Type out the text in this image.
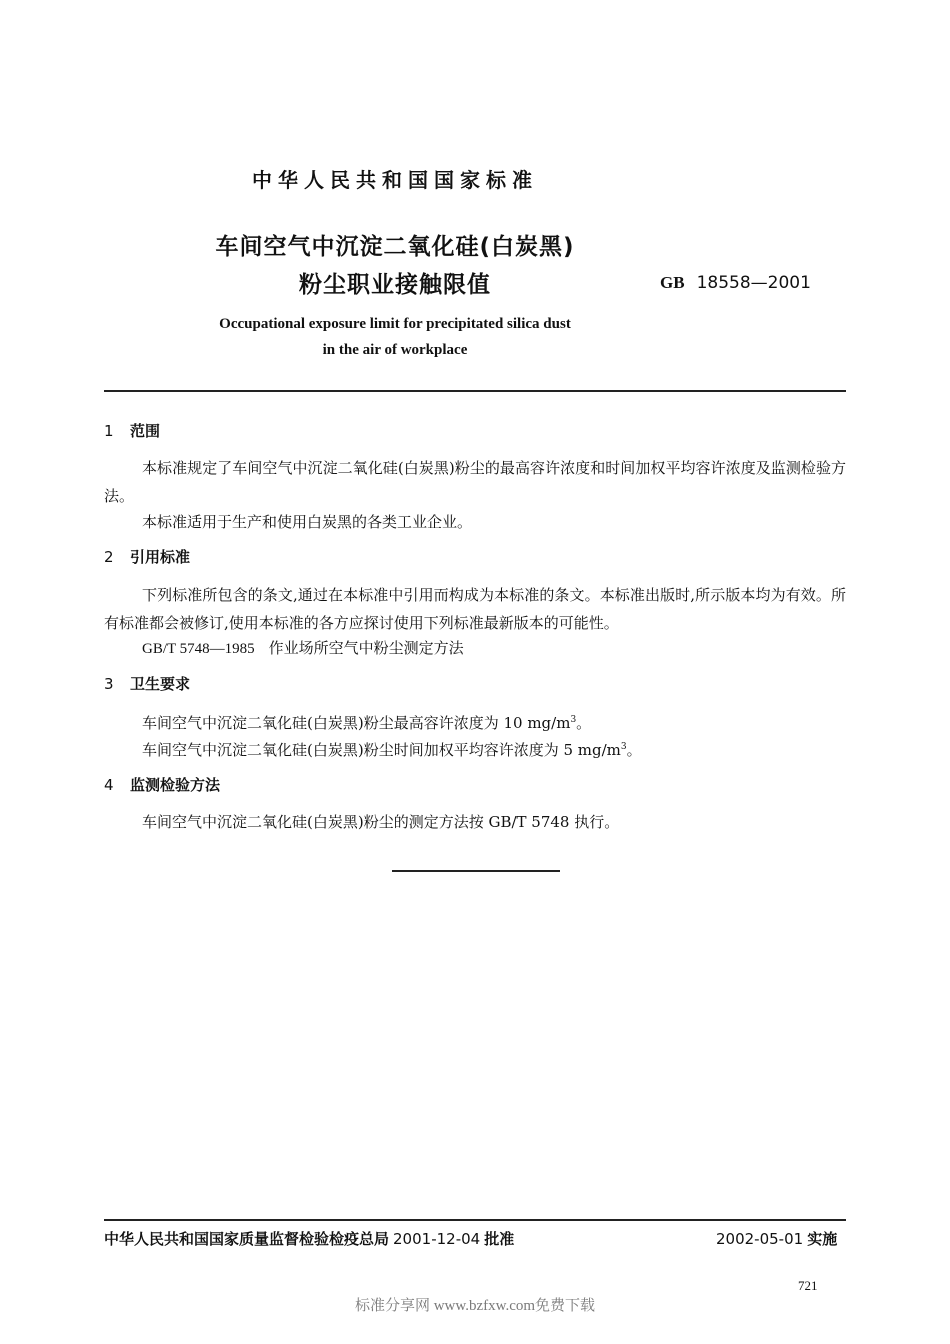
中华人民共和国国家标准
车间空气中沉淀二氧化硅(白炭黑)
粉尘职业接触限值	GB 18558—2001
Occupational exposure limit for precipitated silica dust
in the air of workplace
1 范围
本标准规定了车间空气中沉淀二氧化硅(白炭黑)粉尘的最高容许浓度和时间加权平均容许浓度及监测检验方法。
本标准适用于生产和使用白炭黑的各类工业企业。
2 引用标准
下列标准所包含的条文,通过在本标准中引用而构成为本标准的条文。本标准出版时,所示版本均为有效。所有标准都会被修订,使用本标准的各方应探讨使用下列标准最新版本的可能性。
GB/T 5748—1985 作业场所空气中粉尘测定方法
3 卫生要求
车间空气中沉淀二氧化硅(白炭黑)粉尘最高容许浓度为 10 $mg/m^3$。
车间空气中沉淀二氧化硅(白炭黑)粉尘时间加权平均容许浓度为 5 $mg/m^3$。
4 监测检验方法
车间空气中沉淀二氧化硅(白炭黑)粉尘的测定方法按 GB/T 5748 执行。
中华人民共和国国家质量监督检验检疫总局 2001-12-04 批准	2002-05-01 实施
721
标准分享网 www.bzfxw.com免费下载
